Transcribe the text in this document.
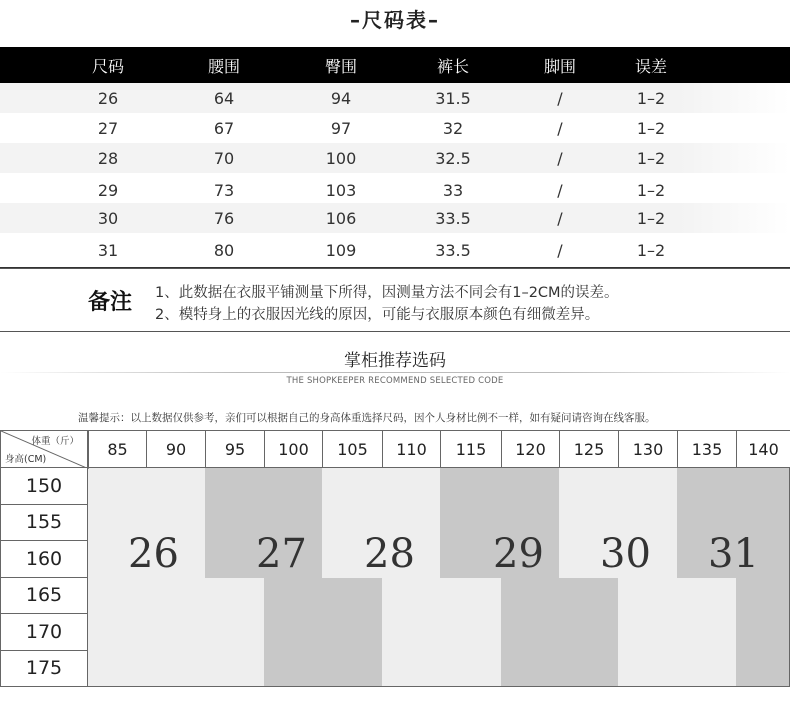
–尺码表–
尺码	腰围	臀围	裤长	脚围	误差
26	64	94	31.5	/	1–2
27	67	97	32	/	1–2
28	70	100	32.5	/	1–2
29	73	103	33	/	1–2
30	76	106	33.5	/	1–2
31	80	109	33.5	/	1–2
备注 1、此数据在衣服平铺测量下所得，因测量方法不同会有1–2CM的误差。
2、模特身上的衣服因光线的原因，可能与衣服原本颜色有细微差异。
掌柜推荐选码
THE SHOPKEEPER RECOMMEND SELECTED CODE
温馨提示：以上数据仅供参考，亲们可以根据自己的身高体重选择尺码，因个人身材比例不一样，如有疑问请咨询在线客服。
体重（斤）
身高(CM)
85	90	95	100	105	110	115	120	125	130	135	140
150
155
160
165
170
175
26 27 28 29 30 31
